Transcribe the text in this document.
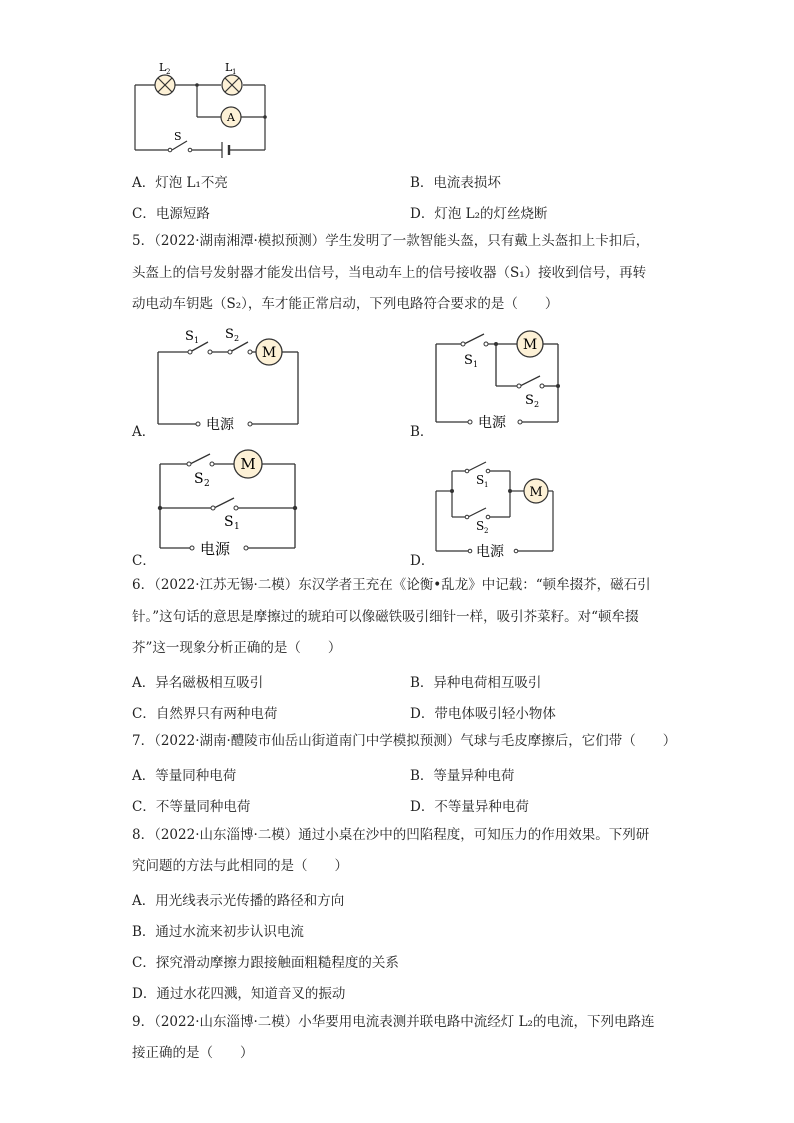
A
L 2	L 1
S
A．灯泡 L₁不亮	B．电流表损坏
C．电源短路	D．灯泡 L₂的灯丝烧断
5．（2022·湖南湘潭·模拟预测）学生发明了一款智能头盔，只有戴上头盔扣上卡扣后，
头盔上的信号发射器才能发出信号，当电动车上的信号接收器（S₁）接收到信号，再转
动电动车钥匙（S₂），车才能正常启动，下列电路符合要求的是（　　）
A．
M
S 1 S 2
电源	B．
M
S 1
S 2
电源
C．
M
S 2
S 1
电源
D．
M
S 1
S 2
电源
6．（2022·江苏无锡·二模）东汉学者王充在《论衡•乱龙》中记载：“顿牟掇芥，磁石引
针。”这句话的意思是摩擦过的琥珀可以像磁铁吸引细针一样，吸引芥菜籽。对“顿牟掇
芥”这一现象分析正确的是（　　）
A．异名磁极相互吸引	B．异种电荷相互吸引
C．自然界只有两种电荷	D．带电体吸引轻小物体
7．（2022·湖南·醴陵市仙岳山街道南门中学模拟预测）气球与毛皮摩擦后，它们带（　　）
A．等量同种电荷	B．等量异种电荷
C．不等量同种电荷	D．不等量异种电荷
8．（2022·山东淄博·二模）通过小桌在沙中的凹陷程度，可知压力的作用效果。下列研
究问题的方法与此相同的是（　　）
A．用光线表示光传播的路径和方向
B．通过水流来初步认识电流
C．探究滑动摩擦力跟接触面粗糙程度的关系
D．通过水花四溅，知道音叉的振动
9．（2022·山东淄博·二模）小华要用电流表测并联电路中流经灯 L₂的电流，下列电路连
接正确的是（　　）
